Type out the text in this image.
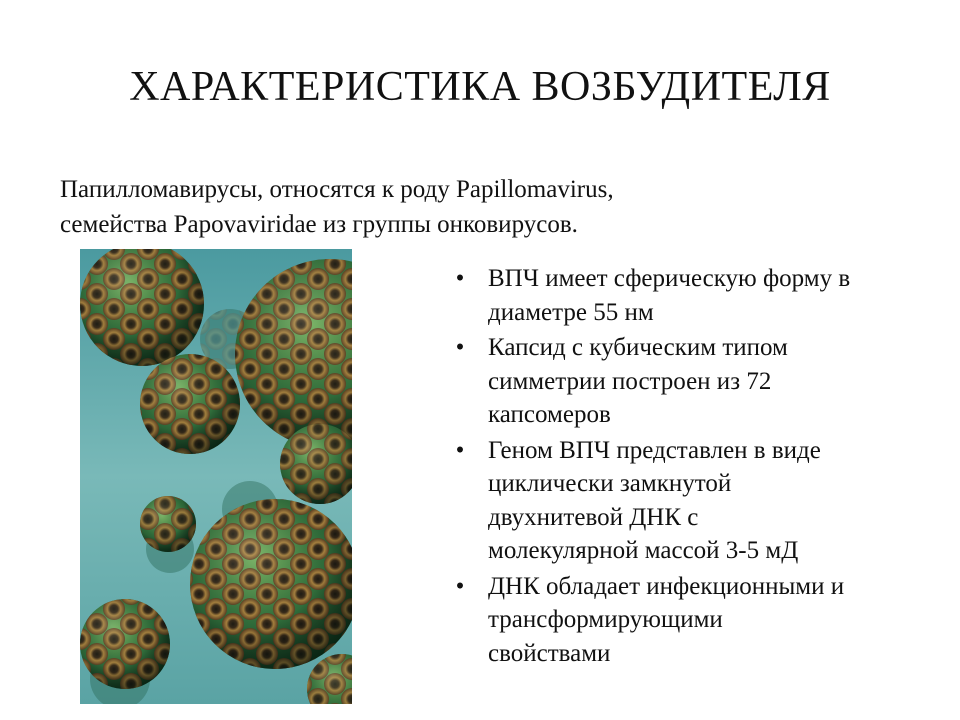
ХАРАКТЕРИСТИКА ВОЗБУДИТЕЛЯ
Папилломавирусы, относятся к роду Papillomavirus,
семейства Papovaviridae из группы онковирусов.
• ВПЧ имеет сферическую форму в
диаметре 55 нм
• Капсид с кубическим типом
симметрии построен из 72
капсомеров
• Геном ВПЧ представлен в виде
циклически замкнутой
двухнитевой ДНК с
молекулярной массой 3-5 мД
• ДНК обладает инфекционными и
трансформирующими
свойствами
